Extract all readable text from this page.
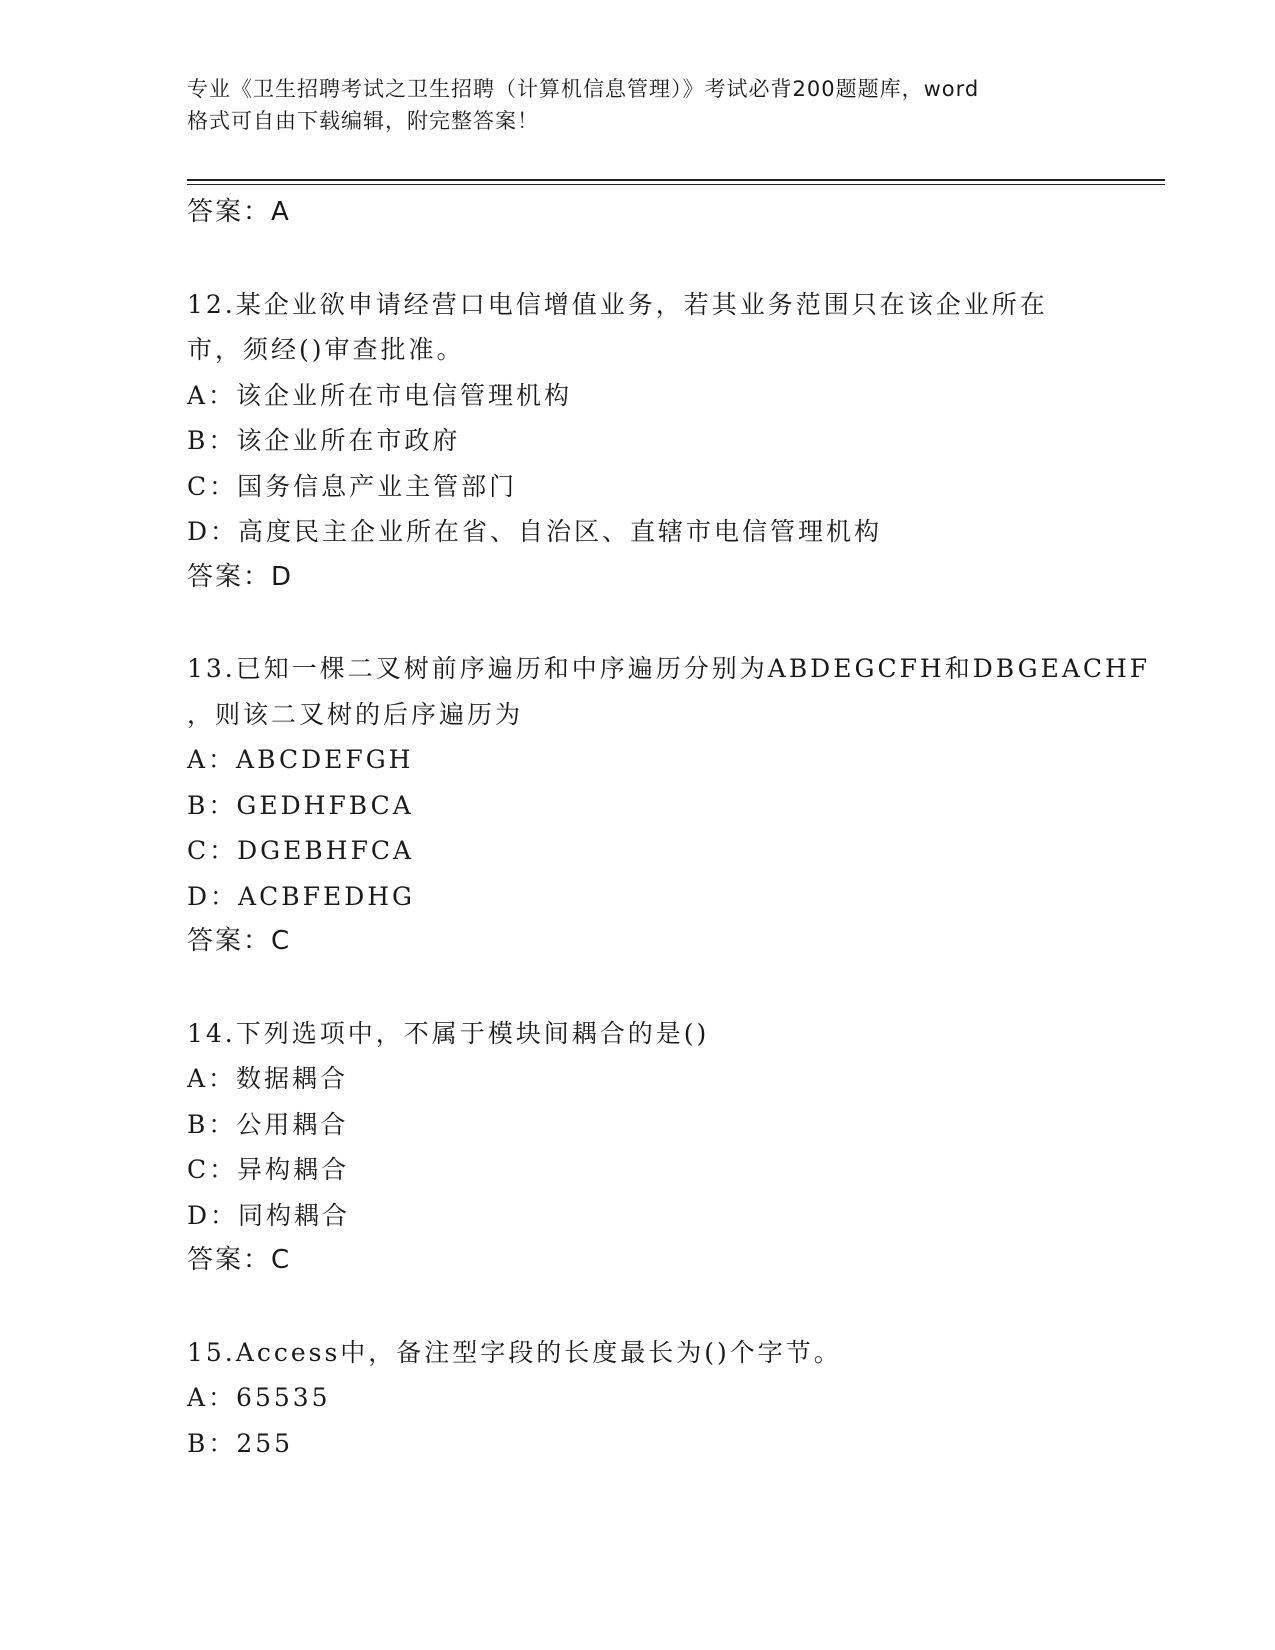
专业《卫生招聘考试之卫生招聘（计算机信息管理）》考试必背200题题库，word
格式可自由下载编辑，附完整答案！
答案：A
12.某企业欲申请经营口电信增值业务，若其业务范围只在该企业所在
市，须经()审查批准。
A：该企业所在市电信管理机构
B：该企业所在市政府
C：国务信息产业主管部门
D：高度民主企业所在省、自治区、直辖市电信管理机构
答案：D
13.已知一棵二叉树前序遍历和中序遍历分别为ABDEGCFH和DBGEACHF
，则该二叉树的后序遍历为
A：ABCDEFGH
B：GEDHFBCA
C：DGEBHFCA
D：ACBFEDHG
答案：C
14.下列选项中，不属于模块间耦合的是()
A：数据耦合
B：公用耦合
C：异构耦合
D：同构耦合
答案：C
15.Access中，备注型字段的长度最长为()个字节。
A：65535
B：255
